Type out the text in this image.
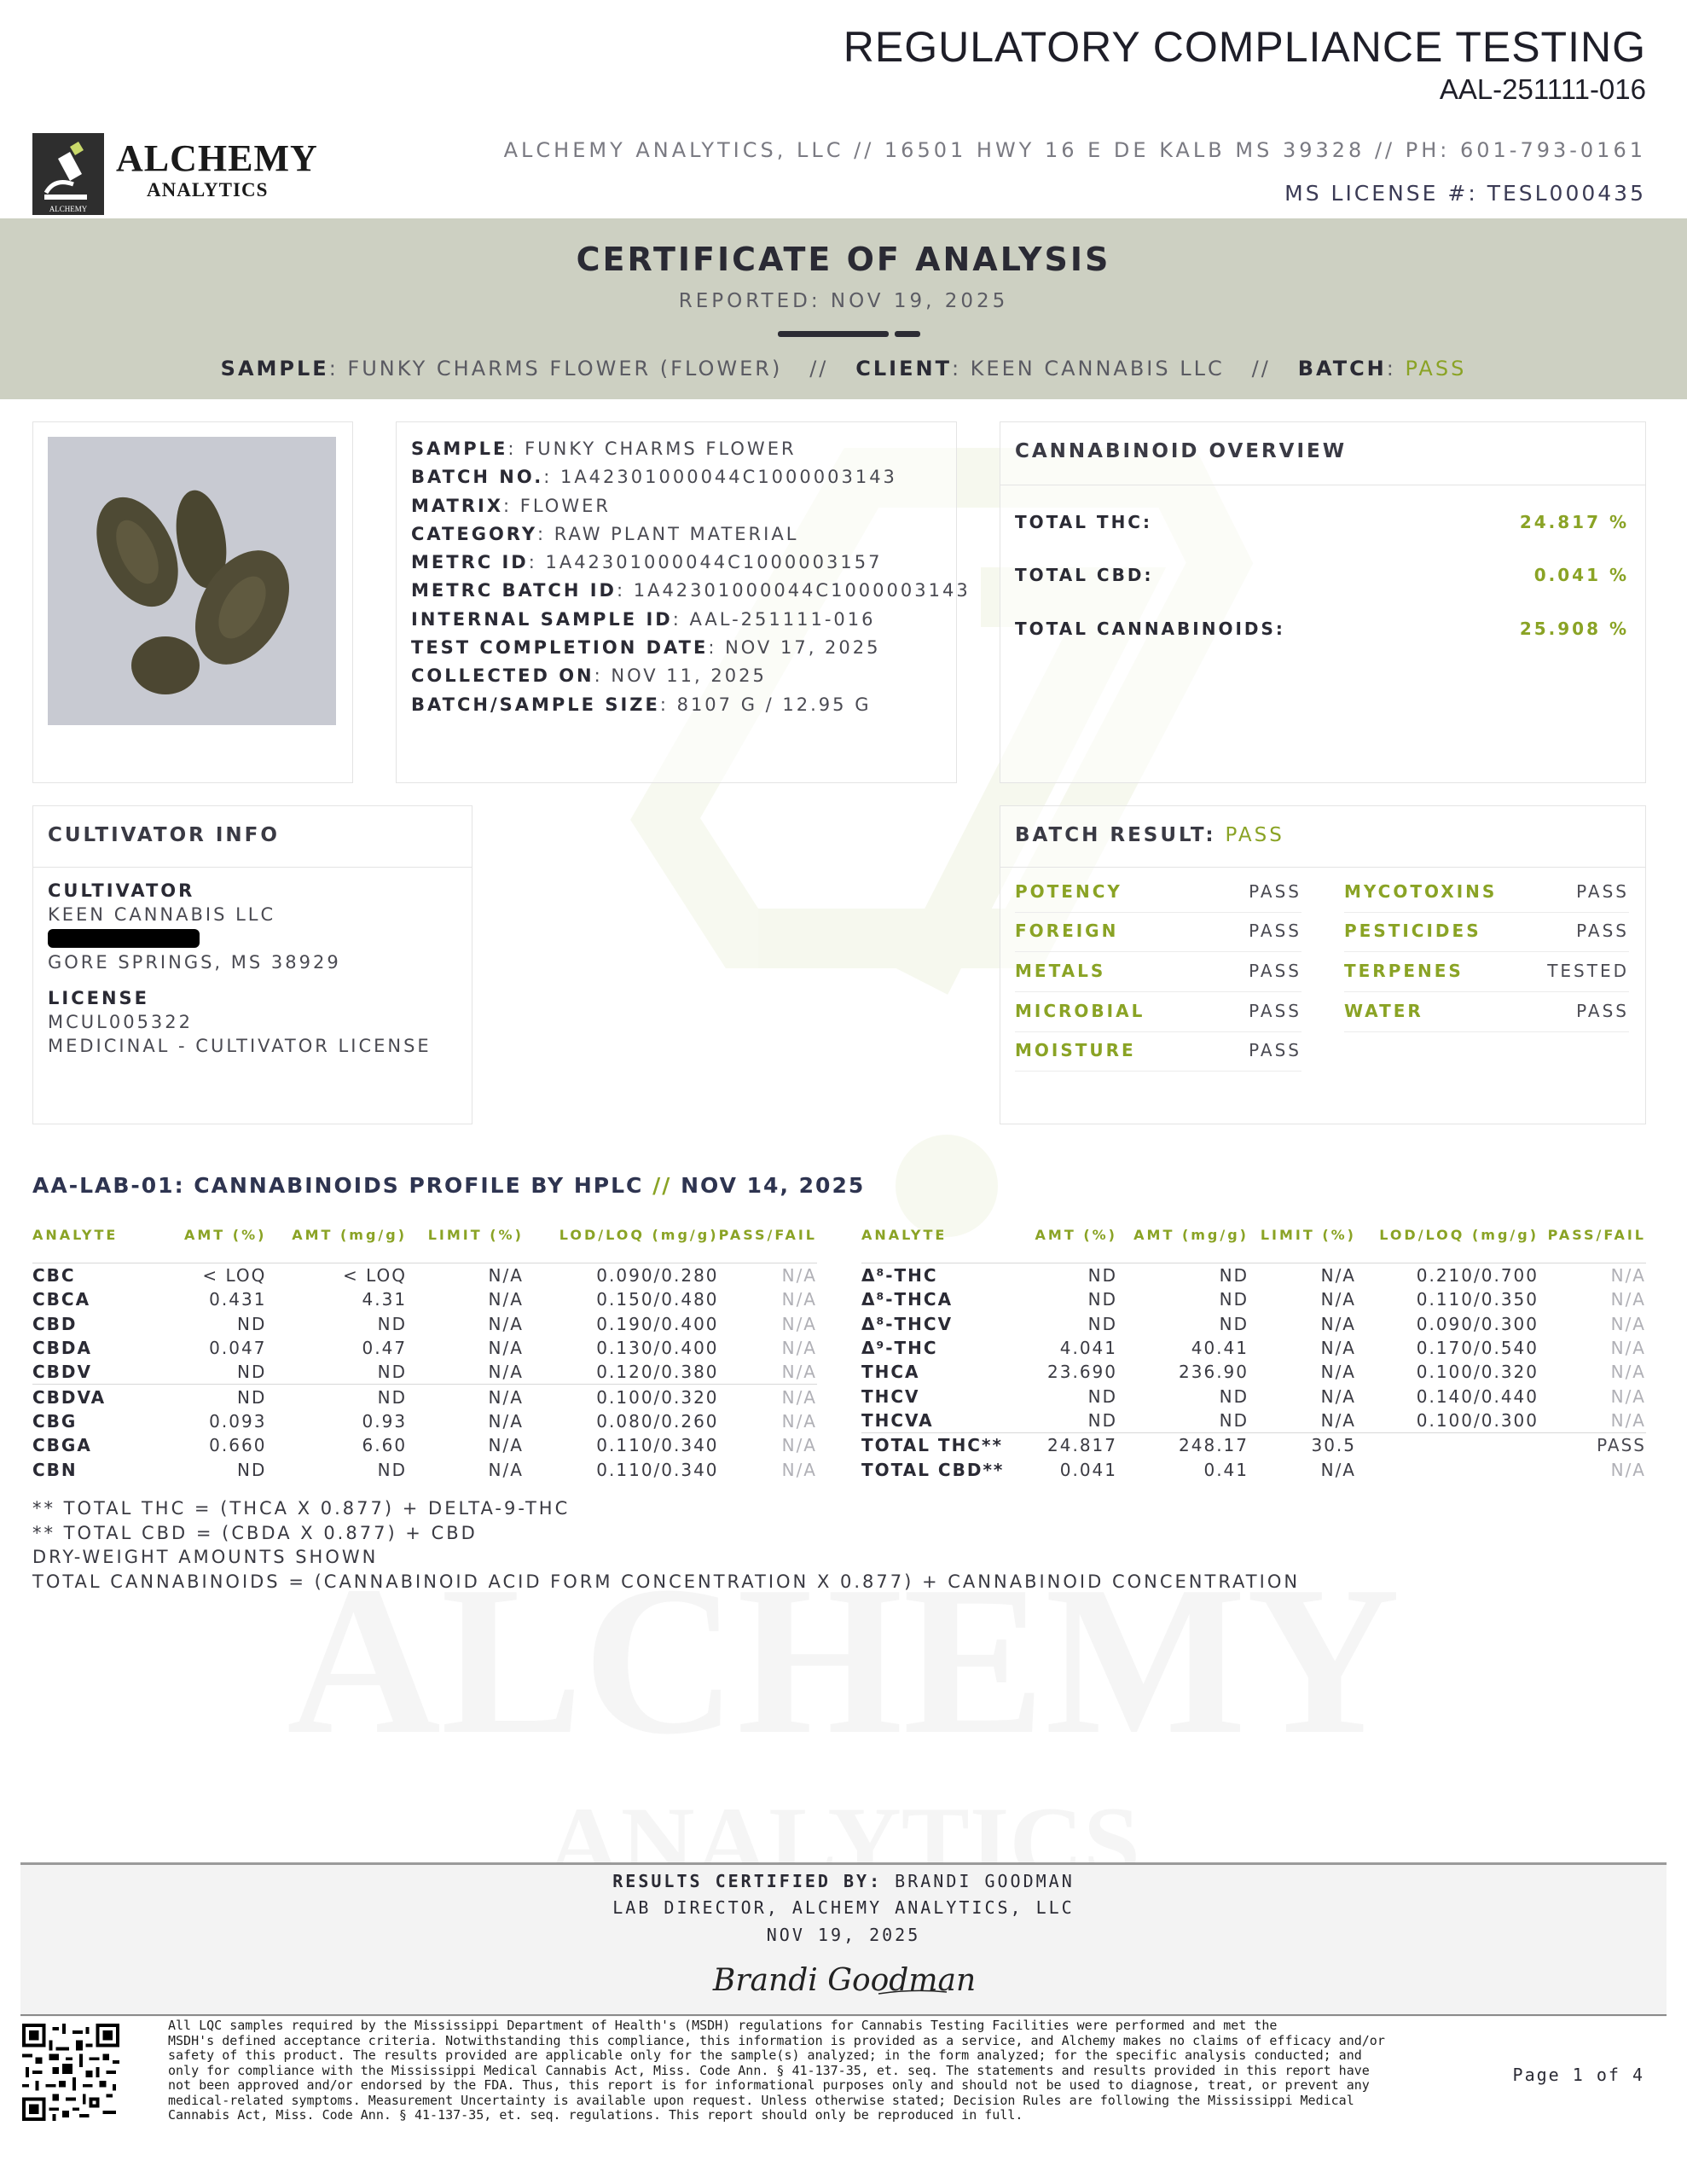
REGULATORY COMPLIANCE TESTING
AAL-251111-016
ALCHEMY ANALYTICS, LLC // 16501 HWY 16 E DE KALB MS 39328 // PH: 601-793-0161
MS LICENSE #: TESL000435
ALCHEMY
ALCHEMY
ANALYTICS
CERTIFICATE OF ANALYSIS
REPORTED: NOV 19, 2025
SAMPLE: FUNKY CHARMS FLOWER (FLOWER) // CLIENT: KEEN CANNABIS LLC // BATCH: PASS
SAMPLE: FUNKY CHARMS FLOWER
BATCH NO.: 1A42301000044C1000003143
MATRIX: FLOWER
CATEGORY: RAW PLANT MATERIAL
METRC ID: 1A42301000044C1000003157
METRC BATCH ID: 1A42301000044C1000003143
INTERNAL SAMPLE ID: AAL-251111-016
TEST COMPLETION DATE: NOV 17, 2025
COLLECTED ON: NOV 11, 2025
BATCH/SAMPLE SIZE: 8107 G / 12.95 G
CANNABINOID OVERVIEW
TOTAL THC:	24.817 %
TOTAL CBD:	0.041 %
TOTAL CANNABINOIDS:	25.908 %
CULTIVATOR INFO
CULTIVATOR
KEEN CANNABIS LLC
GORE SPRINGS, MS 38929
LICENSE
MCUL005322
MEDICINAL - CULTIVATOR LICENSE
BATCH RESULT: PASS
POTENCY	PASS
FOREIGN	PASS
METALS	PASS
MICROBIAL	PASS
MOISTURE	PASS
MYCOTOXINS	PASS
PESTICIDES	PASS
TERPENES	TESTED
WATER	PASS
AA-LAB-01: CANNABINOIDS PROFILE BY HPLC // NOV 14, 2025
ANALYTE	AMT (%)	AMT (mg/g)	LIMIT (%)	LOD/LOQ (mg/g)	PASS/FAIL
CBC	< LOQ	< LOQ	N/A	0.090/0.280	N/A
CBCA	0.431	4.31	N/A	0.150/0.480	N/A
CBD	ND	ND	N/A	0.190/0.400	N/A
CBDA	0.047	0.47	N/A	0.130/0.400	N/A
CBDV	ND	ND	N/A	0.120/0.380	N/A
CBDVA	ND	ND	N/A	0.100/0.320	N/A
CBG	0.093	0.93	N/A	0.080/0.260	N/A
CBGA	0.660	6.60	N/A	0.110/0.340	N/A
CBN	ND	ND	N/A	0.110/0.340	N/A
ANALYTE	AMT (%)	AMT (mg/g)	LIMIT (%)	LOD/LOQ (mg/g)	PASS/FAIL
Δ⁸-THC	ND	ND	N/A	0.210/0.700	N/A
Δ⁸-THCA	ND	ND	N/A	0.110/0.350	N/A
Δ⁸-THCV	ND	ND	N/A	0.090/0.300	N/A
Δ⁹-THC	4.041	40.41	N/A	0.170/0.540	N/A
THCA	23.690	236.90	N/A	0.100/0.320	N/A
THCV	ND	ND	N/A	0.140/0.440	N/A
THCVA	ND	ND	N/A	0.100/0.300	N/A
TOTAL THC**	24.817	248.17	30.5		PASS
TOTAL CBD**	0.041	0.41	N/A		N/A
** TOTAL THC = (THCA X 0.877) + DELTA-9-THC
** TOTAL CBD = (CBDA X 0.877) + CBD
DRY-WEIGHT AMOUNTS SHOWN
TOTAL CANNABINOIDS = (CANNABINOID ACID FORM CONCENTRATION X 0.877) + CANNABINOID CONCENTRATION
RESULTS CERTIFIED BY: BRANDI GOODMAN
LAB DIRECTOR, ALCHEMY ANALYTICS, LLC
NOV 19, 2025
Brandi Goodman
All LQC samples required by the Mississippi Department of Health's (MSDH) regulations for Cannabis Testing Facilities were performed and met the
MSDH's defined acceptance criteria. Notwithstanding this compliance, this information is provided as a service, and Alchemy makes no claims of efficacy and/or
safety of this product. The results provided are applicable only for the sample(s) analyzed; in the form analyzed; for the specific analysis conducted; and
only for compliance with the Mississippi Medical Cannabis Act, Miss. Code Ann. § 41-137-35, et. seq. The statements and results provided in this report have
not been approved and/or endorsed by the FDA. Thus, this report is for informational purposes only and should not be used to diagnose, treat, or prevent any
medical-related symptoms. Measurement Uncertainty is available upon request. Unless otherwise stated; Decision Rules are following the Mississippi Medical
Cannabis Act, Miss. Code Ann. § 41-137-35, et. seq. regulations. This report should only be reproduced in full.
Page 1 of 4
